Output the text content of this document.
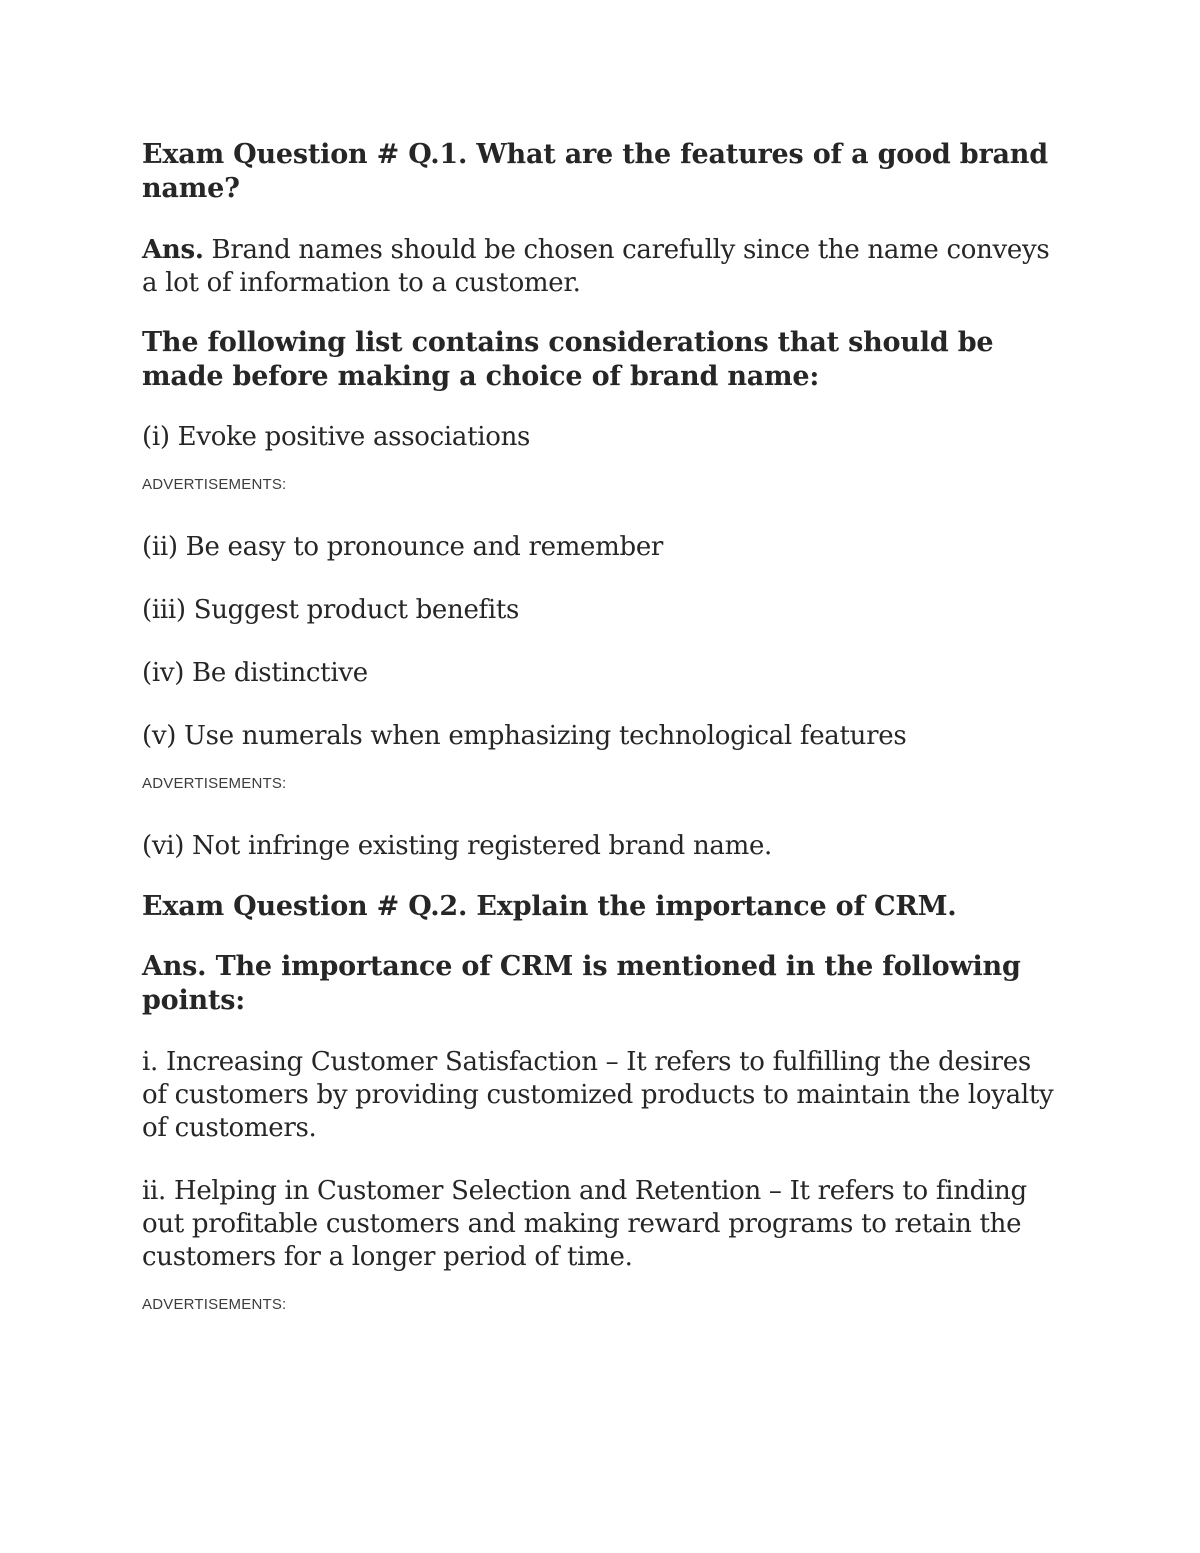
Exam Question # Q.1. What are the features of a good brand name?

Ans. Brand names should be chosen carefully since the name conveys a lot of information to a customer.

The following list contains considerations that should be made before making a choice of brand name:

(i) Evoke positive associations

ADVERTISEMENTS:

(ii) Be easy to pronounce and remember

(iii) Suggest product benefits

(iv) Be distinctive

(v) Use numerals when emphasizing technological features

ADVERTISEMENTS:

(vi) Not infringe existing registered brand name.

Exam Question # Q.2. Explain the importance of CRM.

Ans. The importance of CRM is mentioned in the following points:

i. Increasing Customer Satisfaction – It refers to fulfilling the desires of customers by providing customized products to maintain the loyalty of customers.

ii. Helping in Customer Selection and Retention – It refers to finding out profitable customers and making reward programs to retain the customers for a longer period of time.

ADVERTISEMENTS:
